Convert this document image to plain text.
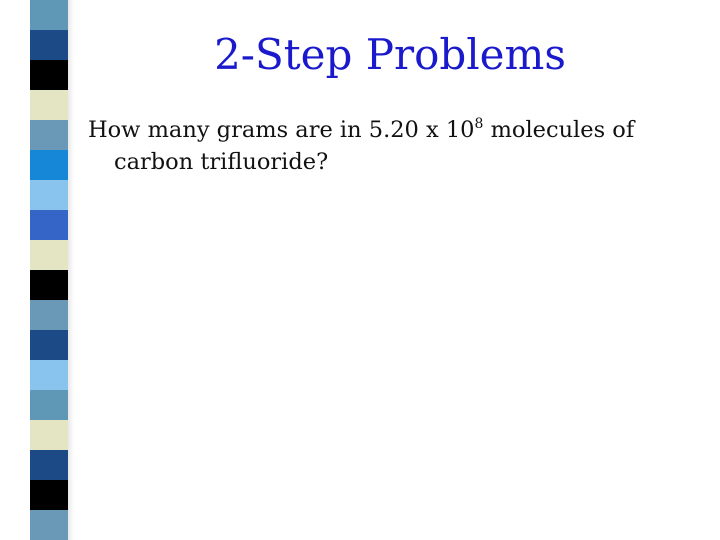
2-Step Problems
How many grams are in 5.20 x $10^8$ molecules of
carbon trifluoride?
